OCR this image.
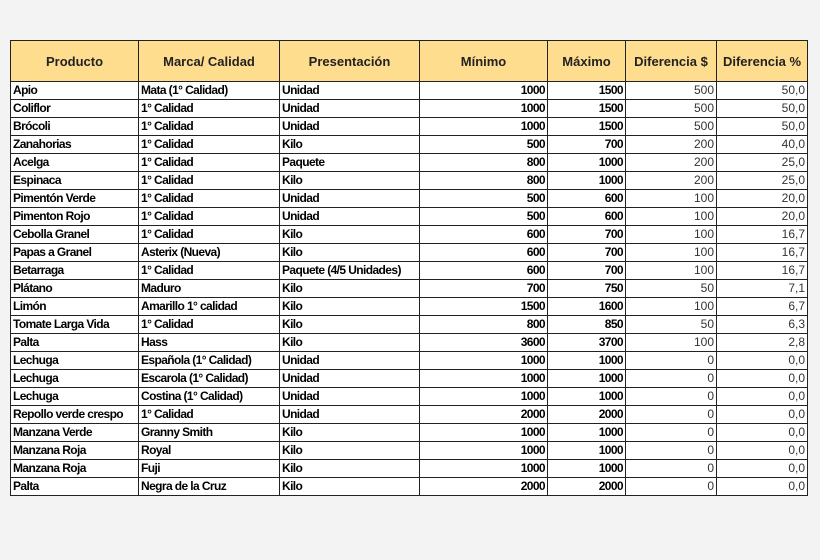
Producto	Marca/ Calidad	Presentación	Mínimo	Máximo	Diferencia $	Diferencia %
Apio	Mata (1° Calidad)	Unidad	1000	1500	500	50,0
Coliflor	1° Calidad	Unidad	1000	1500	500	50,0
Brócoli	1° Calidad	Unidad	1000	1500	500	50,0
Zanahorias	1° Calidad	Kilo	500	700	200	40,0
Acelga	1° Calidad	Paquete	800	1000	200	25,0
Espinaca	1° Calidad	Kilo	800	1000	200	25,0
Pimentón Verde	1° Calidad	Unidad	500	600	100	20,0
Pimenton Rojo	1° Calidad	Unidad	500	600	100	20,0
Cebolla Granel	1° Calidad	Kilo	600	700	100	16,7
Papas a Granel	Asterix (Nueva)	Kilo	600	700	100	16,7
Betarraga	1° Calidad	Paquete (4/5 Unidades)	600	700	100	16,7
Plátano	Maduro	Kilo	700	750	50	7,1
Limón	Amarillo 1° calidad	Kilo	1500	1600	100	6,7
Tomate Larga Vida	1° Calidad	Kilo	800	850	50	6,3
Palta	Hass	Kilo	3600	3700	100	2,8
Lechuga	Española (1° Calidad)	Unidad	1000	1000	0	0,0
Lechuga	Escarola (1° Calidad)	Unidad	1000	1000	0	0,0
Lechuga	Costina (1° Calidad)	Unidad	1000	1000	0	0,0
Repollo verde crespo	1° Calidad	Unidad	2000	2000	0	0,0
Manzana Verde	Granny Smith	Kilo	1000	1000	0	0,0
Manzana Roja	Royal	Kilo	1000	1000	0	0,0
Manzana Roja	Fuji	Kilo	1000	1000	0	0,0
Palta	Negra de la Cruz	Kilo	2000	2000	0	0,0
